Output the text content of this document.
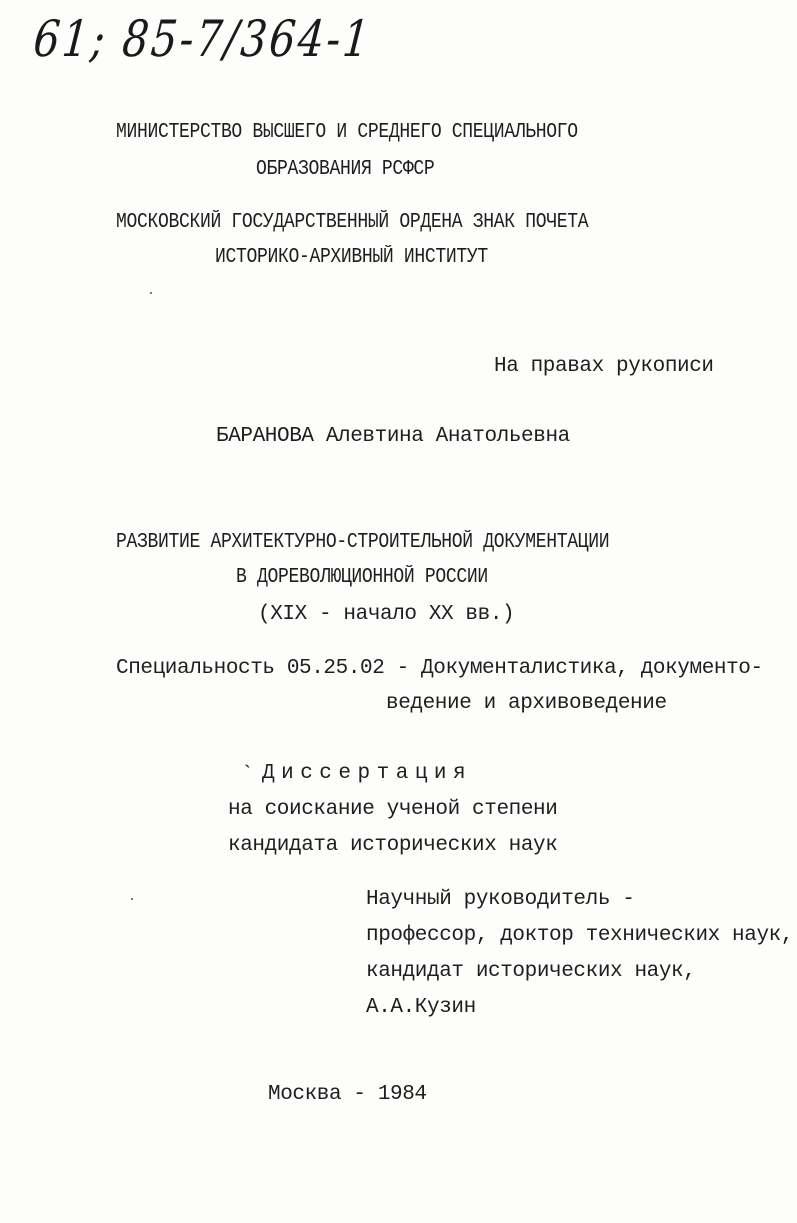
61; 85-7/364-1
МИНИСТЕРСТВО ВЫСШЕГО И СРЕДНЕГО СПЕЦИАЛЬНОГО
ОБРАЗОВАНИЯ РСФСР
МОСКОВСКИЙ ГОСУДАРСТВЕННЫЙ ОРДЕНА ЗНАК ПОЧЕТА
ИСТОРИКО-АРХИВНЫЙ ИНСТИТУТ
На правах рукописи
БАРАНОВА Алевтина Анатольевна
РАЗВИТИЕ АРХИТЕКТУРНО-СТРОИТЕЛЬНОЙ ДОКУМЕНТАЦИИ
В ДОРЕВОЛЮЦИОННОЙ РОССИИ
(XIX - начало XX вв.)
Специальность 05.25.02 - Документалистика, документо-
ведение и архивоведение
` Диссертация
на соискание ученой степени
кандидата исторических наук
Научный руководитель -
профессор, доктор технических наук,
кандидат исторических наук,
А.А.Кузин
Москва - 1984
